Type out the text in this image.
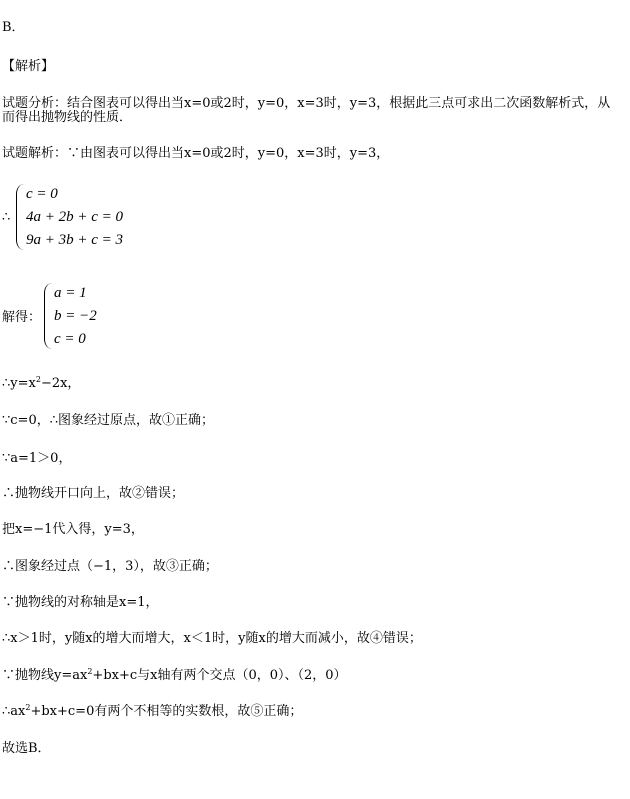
B．
【解析】
试题分析：结合图表可以得出当x=0或2时，y=0，x=3时，y=3，根据此三点可求出二次函数解析式，从
而得出抛物线的性质．
试题解析：∵由图表可以得出当x=0或2时，y=0，x=3时，y=3，
∴
c = 0
4a + 2b + c = 0
9a + 3b + c = 3
解得：
a = 1
b = −2
c = 0
$\therefore y=x^2-2x$，
∵c=0，∴图象经过原点，故①正确；
∵a=1＞0，
∴抛物线开口向上，故②错误；
把x=−1代入得，y=3，
∴图象经过点（−1，3），故③正确；
∵抛物线的对称轴是x=1，
∴x＞1时，y随x的增大而增大，x＜1时，y随x的增大而减小，故④错误；
∵抛物线$y=ax^2+bx+c$与x轴有两个交点（0，0）、（2，0）
$\therefore ax^2+bx+c=0$有两个不相等的实数根，故⑤正确；
故选B．
